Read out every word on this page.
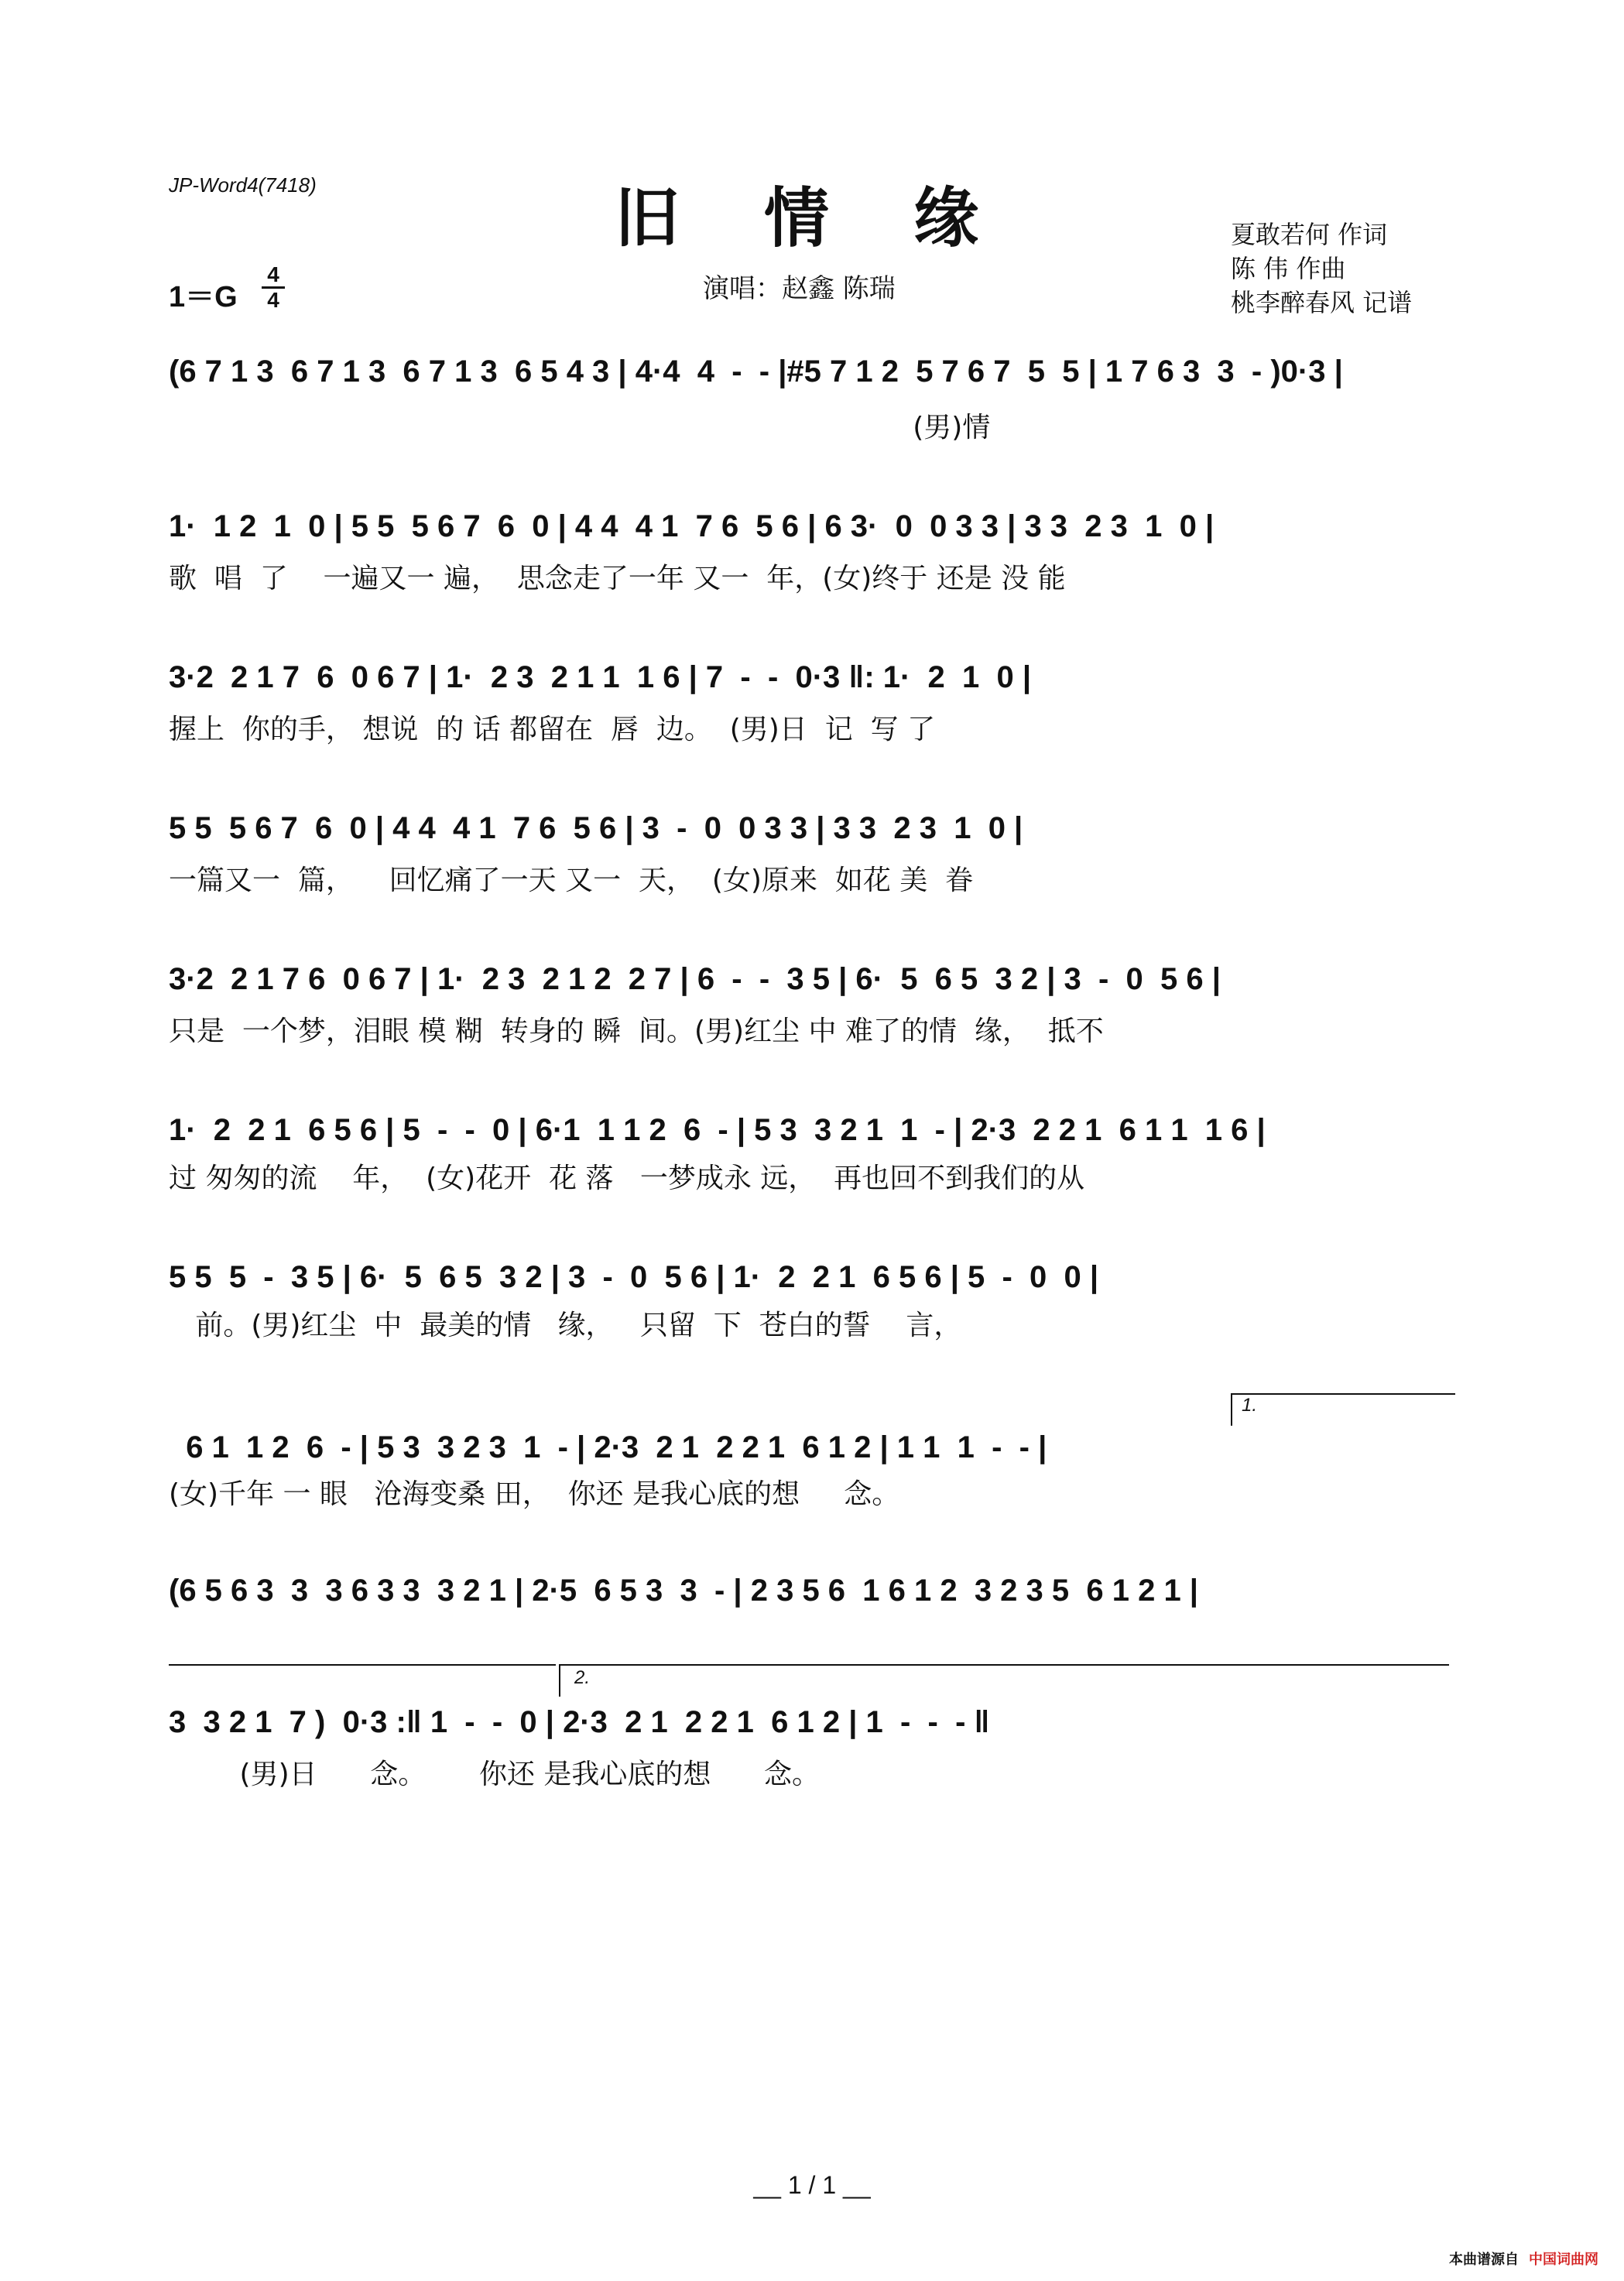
JP-Word4(7418)	旧 情 缘
1＝G
4
4	演唱：赵鑫 陈瑞
夏敢若何 作词
陈 伟 作曲
桃李醉春风 记谱
(6 7 1 3  6 7 1 3  6 7 1 3  6 5 4 3 | 4·4  4  -  - |#5 7 1 2  5 7 6 7  5  5 | 1 7 6 3  3  - )0·3 |
(男)情
1·  1 2  1  0 | 5 5  5 6 7  6  0 | 4 4  4 1  7 6  5 6 | 6 3·  0  0 3 3 | 3 3  2 3  1  0 |
歌  唱  了    一遍又一 遍，  思念走了一年 又一  年，(女)终于 还是 没 能
3·2  2 1 7  6  0 6 7 | 1·  2 3  2 1 1  1 6 | 7  -  -  0·3 ‖: 1·  2  1  0 |
握上  你的手， 想说  的 话 都留在  唇  边。  (男)日  记  写 了
5 5  5 6 7  6  0 | 4 4  4 1  7 6  5 6 | 3  -  0  0 3 3 | 3 3  2 3  1  0 |
一篇又一  篇，    回忆痛了一天 又一  天，  (女)原来  如花 美  眷
3·2  2 1 7 6  0 6 7 | 1·  2 3  2 1 2  2 7 | 6  -  -  3 5 | 6·  5  6 5  3 2 | 3  -  0  5 6 |
只是  一个梦，泪眼 模 糊  转身的 瞬  间。(男)红尘 中 难了的情  缘，  抵不
1·  2  2 1  6 5 6 | 5  -  -  0 | 6·1  1 1 2  6  - | 5 3  3 2 1  1  - | 2·3  2 2 1  6 1 1  1 6 |
过 匆匆的流    年，  (女)花开  花 落   一梦成永 远，  再也回不到我们的从
5 5  5  -  3 5 | 6·  5  6 5  3 2 | 3  -  0  5 6 | 1·  2  2 1  6 5 6 | 5  -  0  0 |
前。(男)红尘  中  最美的情   缘，   只留  下  苍白的誓    言，
1.
6 1  1 2  6  - | 5 3  3 2 3  1  - | 2·3  2 1  2 2 1  6 1 2 | 1 1  1  -  - |
(女)千年 一 眼   沧海变桑 田，  你还 是我心底的想     念。
(6 5 6 3  3  3 6 3 3  3 2 1 | 2·5  6 5 3  3  - | 2 3 5 6  1 6 1 2  3 2 3 5  6 1 2 1 |
2.
3  3 2 1  7 )  0·3 :‖ 1  -  -  0 | 2·3  2 1  2 2 1  6 1 2 | 1  -  -  - ‖
(男)日      念。      你还 是我心底的想      念。
__ 1 / 1 __
本曲谱源自 中国词曲网
